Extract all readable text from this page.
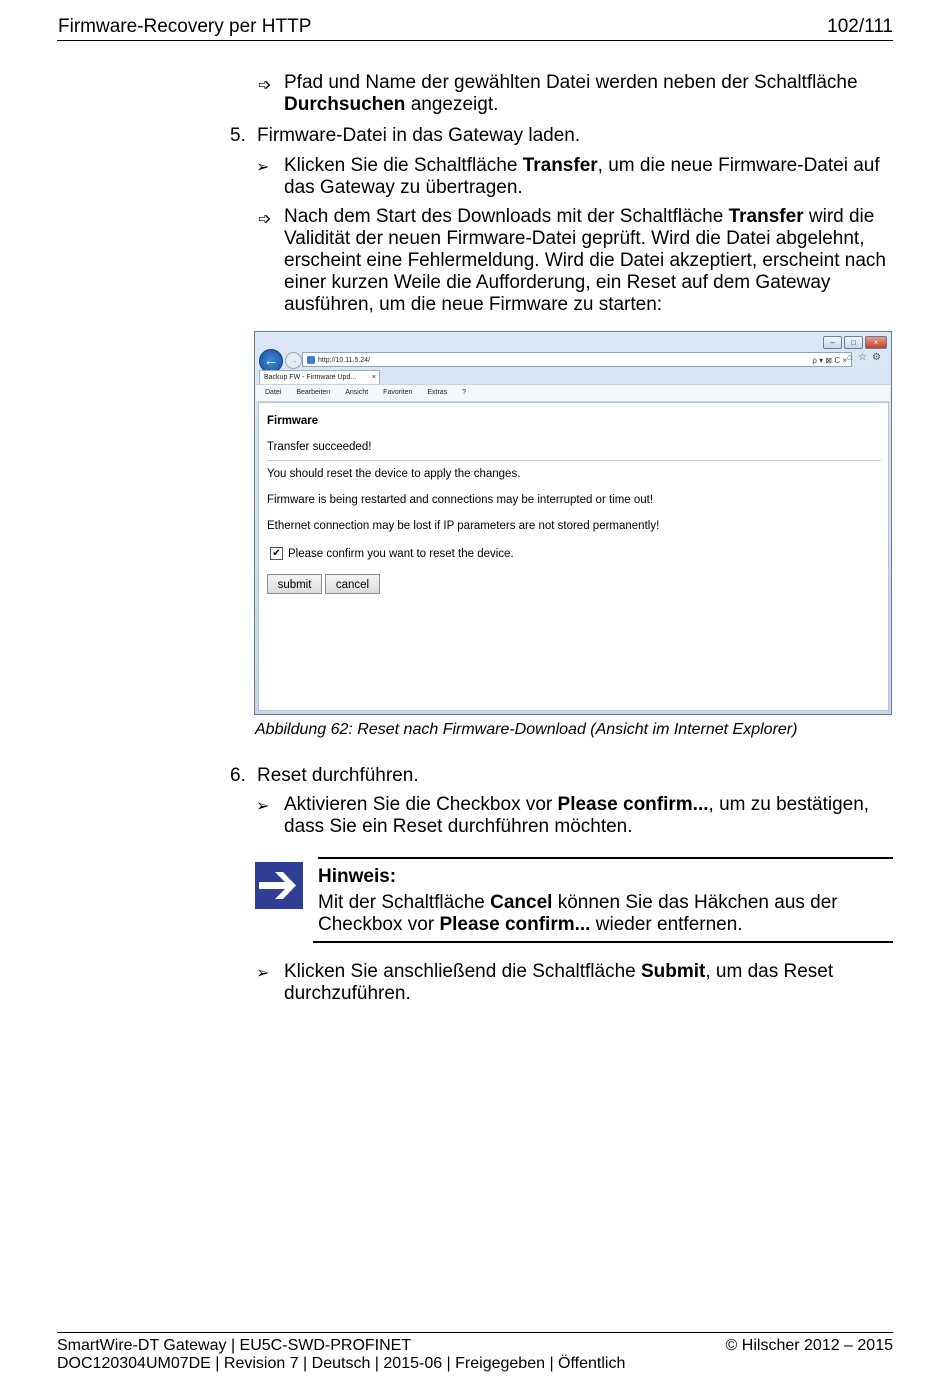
Firmware-Recovery per HTTP	102/111
➩ Pfad und Name der gewählten Datei werden neben der Schaltfläche Durchsuchen angezeigt.
5. Firmware-Datei in das Gateway laden.
➢ Klicken Sie die Schaltfläche Transfer, um die neue Firmware-Datei auf das Gateway zu übertragen.
➩ Nach dem Start des Downloads mit der Schaltfläche Transfer wird die Validität der neuen Firmware-Datei geprüft. Wird die Datei abgelehnt, erscheint eine Fehlermeldung. Wird die Datei akzeptiert, erscheint nach einer kurzen Weile die Aufforderung, ein Reset auf dem Gateway ausführen, um die neue Firmware zu starten:
–	□	×
←	→	http://10.11.5.24/	ρ ▾ ⊠ C × ⌂☆⚙
Backup FW - Firmware Upd... ×
Datei Bearbeiten Ansicht Favoriten Extras ?
Firmware
Transfer succeeded!
You should reset the device to apply the changes.
Firmware is being restarted and connections may be interrupted or time out!
Ethernet connection may be lost if IP parameters are not stored permanently!
✔ Please confirm you want to reset the device.
submit	cancel
Abbildung 62: Reset nach Firmware-Download (Ansicht im Internet Explorer)
6. Reset durchführen.
➢ Aktivieren Sie die Checkbox vor Please confirm..., um zu bestätigen, dass Sie ein Reset durchführen möchten.
Hinweis:
Mit der Schaltfläche Cancel können Sie das Häkchen aus der Checkbox vor Please confirm... wieder entfernen.
➢ Klicken Sie anschließend die Schaltfläche Submit, um das Reset durchzuführen.
SmartWire-DT Gateway | EU5C-SWD-PROFINET
DOC120304UM07DE | Revision 7 | Deutsch | 2015-06 | Freigegeben | Öffentlich
© Hilscher 2012 – 2015
